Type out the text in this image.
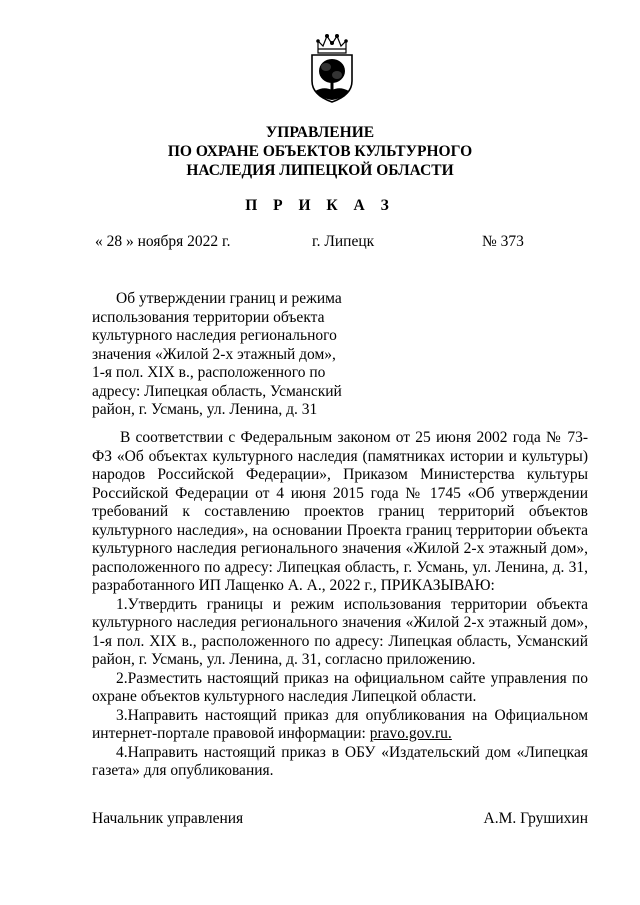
УПРАВЛЕНИЕ
ПО ОХРАНЕ ОБЪЕКТОВ КУЛЬТУРНОГО
НАСЛЕДИЯ ЛИПЕЦКОЙ ОБЛАСТИ
П Р И К А З
« 28 » ноября 2022 г.	г. Липецк	№ 373
Об утверждении границ и режима
использования территории объекта
культурного наследия регионального
значения «Жилой 2-х этажный дом»,
1-я пол. XIX в., расположенного по
адресу: Липецкая область, Усманский
район, г. Усмань, ул. Ленина, д. 31

В соответствии с Федеральным законом от 25 июня 2002 года № 73-ФЗ «Об объектах культурного наследия (памятниках истории и культуры) народов Российской Федерации», Приказом Министерства культуры Российской Федерации от 4 июня 2015 года № 1745 «Об утверждении требований к составлению проектов границ территорий объектов культурного наследия», на основании Проекта границ территории объекта культурного наследия регионального значения «Жилой 2-х этажный дом», расположенного по адресу: Липецкая область, г. Усмань, ул. Ленина, д. 31, разработанного ИП Лащенко А. А., 2022 г., ПРИКАЗЫВАЮ:

1.Утвердить границы и режим использования территории объекта культурного наследия регионального значения «Жилой 2-х этажный дом», 1-я пол. XIX в., расположенного по адресу: Липецкая область, Усманский район, г. Усмань, ул. Ленина, д. 31, согласно приложению.

2.Разместить настоящий приказ на официальном сайте управления по охране объектов культурного наследия Липецкой области.

3.Направить настоящий приказ для опубликования на Официальном интернет-портале правовой информации: pravo.gov.ru.

4.Направить настоящий приказ в ОБУ «Издательский дом «Липецкая газета» для опубликования.

Начальник управления	А.М. Грушихин
